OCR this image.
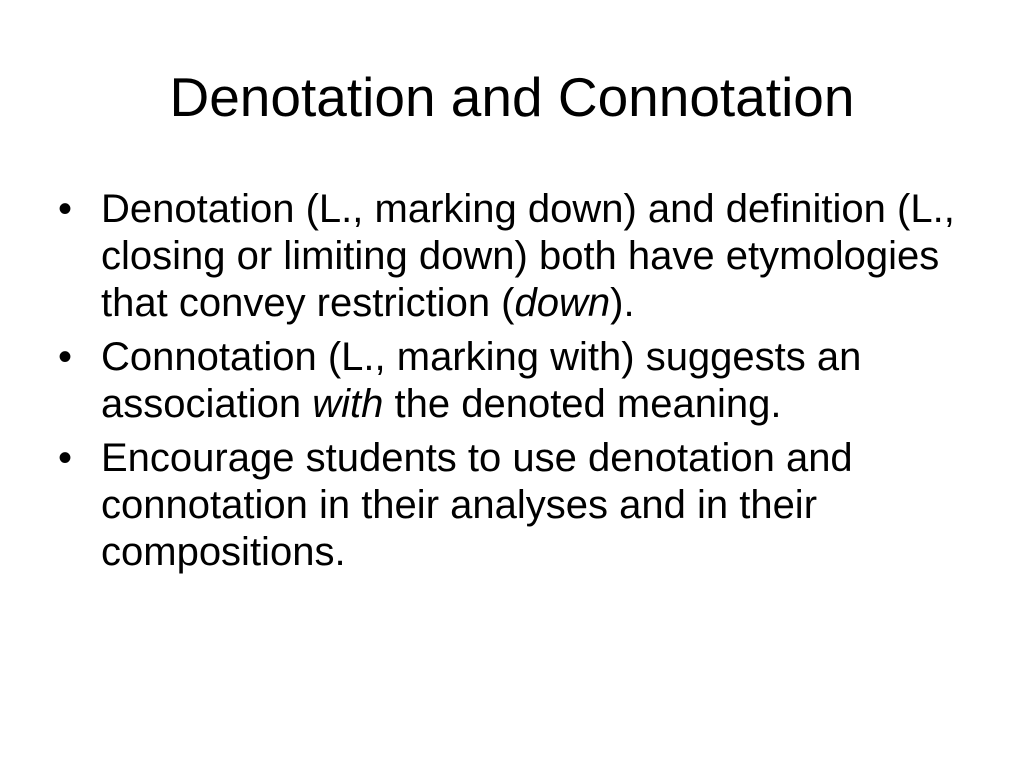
Denotation and Connotation
• Denotation (L., marking down) and definition (L., closing or limiting down) both have etymologies that convey restriction (down).
• Connotation (L., marking with) suggests an association with the denoted meaning.
• Encourage students to use denotation and connotation in their analyses and in their compositions.
